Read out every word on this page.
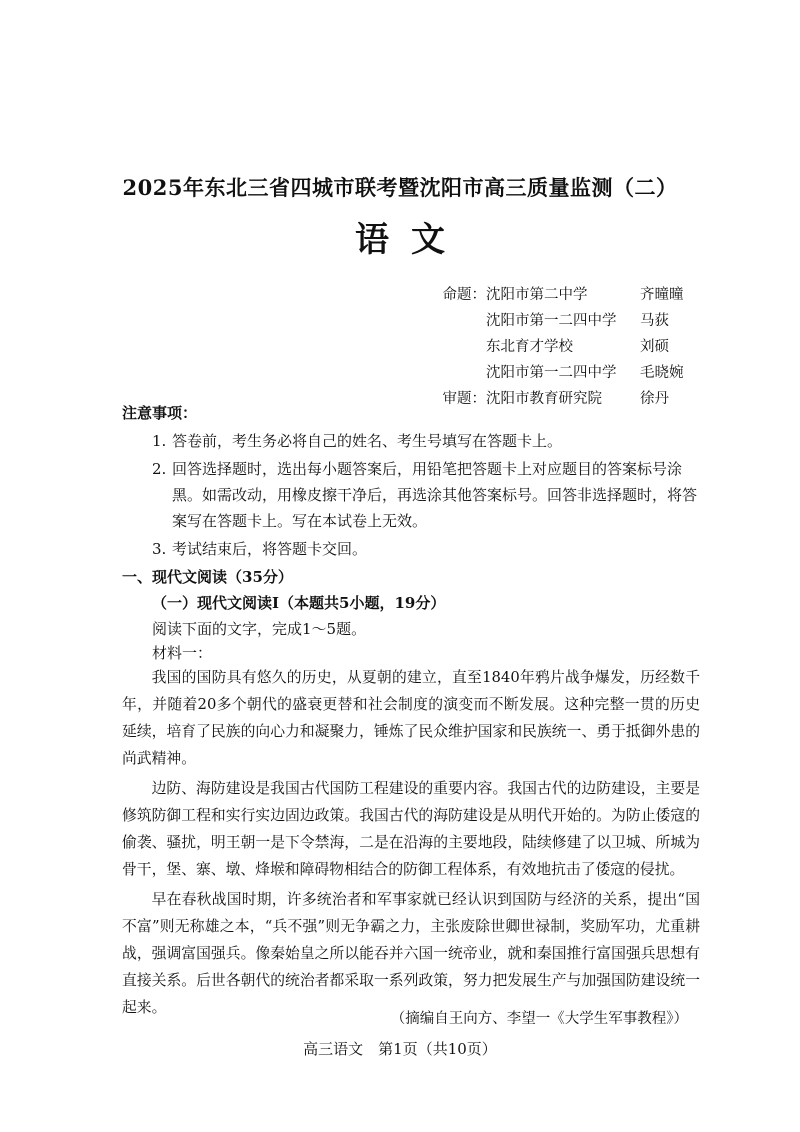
2025年东北三省四城市联考暨沈阳市高三质量监测（二）
语文
命题： 沈阳市第二中学	齐曈曈
沈阳市第一二四中学	马荻
东北育才学校	刘硕
沈阳市第一二四中学	毛晓婉
审题： 沈阳市教育研究院	徐丹
注意事项：
1. 答卷前，考生务必将自己的姓名、考生号填写在答题卡上。
2. 回答选择题时，选出每小题答案后，用铅笔把答题卡上对应题目的答案标号涂黑。如需改动，用橡皮擦干净后，再选涂其他答案标号。回答非选择题时，将答案写在答题卡上。写在本试卷上无效。
3. 考试结束后，将答题卡交回。
一、现代文阅读（35分）
（一）现代文阅读Ⅰ（本题共5小题，19分）
阅读下面的文字，完成1～5题。
材料一：

我国的国防具有悠久的历史，从夏朝的建立，直至1840年鸦片战争爆发，历经数千年，并随着20多个朝代的盛衰更替和社会制度的演变而不断发展。这种完整一贯的历史延续，培育了民族的向心力和凝聚力，锤炼了民众维护国家和民族统一、勇于抵御外患的尚武精神。

边防、海防建设是我国古代国防工程建设的重要内容。我国古代的边防建设，主要是修筑防御工程和实行实边固边政策。我国古代的海防建设是从明代开始的。为防止倭寇的偷袭、骚扰，明王朝一是下令禁海，二是在沿海的主要地段，陆续修建了以卫城、所城为骨干，堡、寨、墩、烽堠和障碍物相结合的防御工程体系，有效地抗击了倭寇的侵扰。

早在春秋战国时期，许多统治者和军事家就已经认识到国防与经济的关系，提出“国不富”则无称雄之本，“兵不强”则无争霸之力，主张废除世卿世禄制，奖励军功，尤重耕战，强调富国强兵。像秦始皇之所以能吞并六国一统帝业，就和秦国推行富国强兵思想有直接关系。后世各朝代的统治者都采取一系列政策，努力把发展生产与加强国防建设统一起来。

（摘编自王向方、李望一《大学生军事教程》）
高三语文　第1页（共10页）
